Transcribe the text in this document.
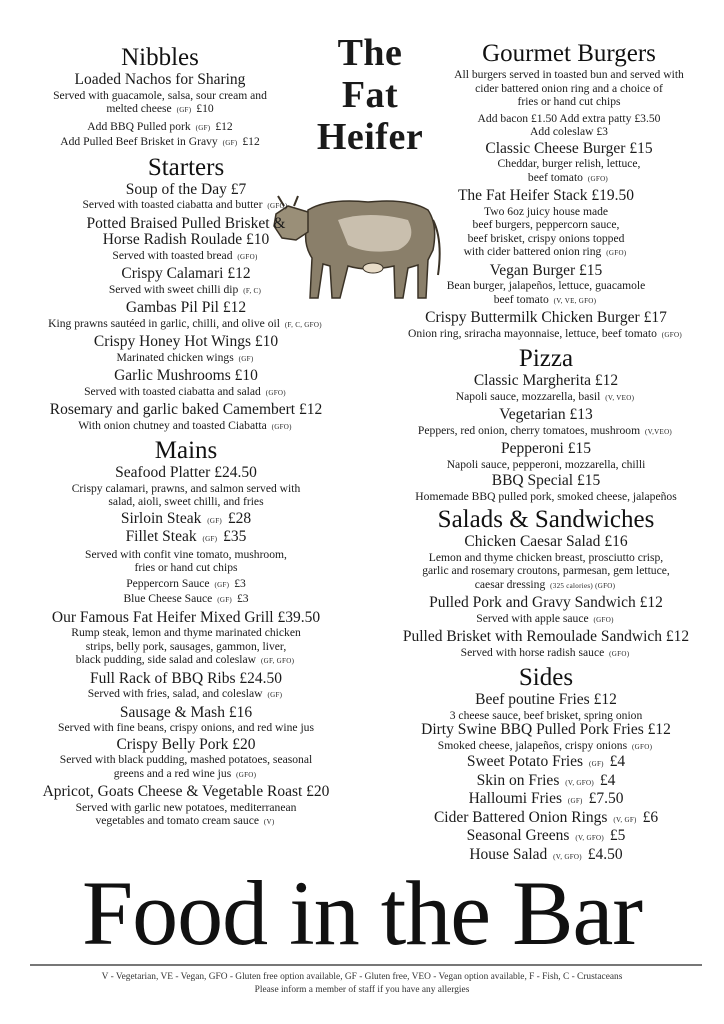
The
Fat
Heifer
Nibbles
Loaded Nachos for Sharing
Served with guacamole, salsa, sour cream and
melted cheese (GF) £10
Add BBQ Pulled pork (GF) £12
Add Pulled Beef Brisket in Gravy (GF) £12
Starters
Soup of the Day £7
Served with toasted ciabatta and butter (GFO)
Potted Braised Pulled Brisket &
Horse Radish Roulade £10
Served with toasted bread (GFO)
Crispy Calamari £12
Served with sweet chilli dip (F, C)
Gambas Pil Pil £12
King prawns sautéed in garlic, chilli, and olive oil (F, C, GFO)
Crispy Honey Hot Wings £10
Marinated chicken wings (GF)
Garlic Mushrooms £10
Served with toasted ciabatta and salad (GFO)
Rosemary and garlic baked Camembert £12
With onion chutney and toasted Ciabatta (GFO)
Mains
Seafood Platter £24.50
Crispy calamari, prawns, and salmon served with
salad, aioli, sweet chilli, and fries
Sirloin Steak (GF) £28
Fillet Steak (GF) £35
Served with confit vine tomato, mushroom,
fries or hand cut chips
Peppercorn Sauce (GF) £3
Blue Cheese Sauce (GF) £3
Our Famous Fat Heifer Mixed Grill £39.50
Rump steak, lemon and thyme marinated chicken
strips, belly pork, sausages, gammon, liver,
black pudding, side salad and coleslaw (GF, GFO)
Full Rack of BBQ Ribs £24.50
Served with fries, salad, and coleslaw (GF)
Sausage & Mash £16
Served with fine beans, crispy onions, and red wine jus
Crispy Belly Pork £20
Served with black pudding, mashed potatoes, seasonal
greens and a red wine jus (GFO)
Apricot, Goats Cheese & Vegetable Roast £20
Served with garlic new potatoes, mediterranean
vegetables and tomato cream sauce (V)
Gourmet Burgers
All burgers served in toasted bun and served with
cider battered onion ring and a choice of
fries or hand cut chips
Add bacon £1.50 Add extra patty £3.50
Add coleslaw £3
Classic Cheese Burger £15
Cheddar, burger relish, lettuce,
beef tomato (GFO)
The Fat Heifer Stack £19.50
Two 6oz juicy house made
beef burgers, peppercorn sauce,
beef brisket, crispy onions topped
with cider battered onion ring (GFO)
Vegan Burger £15
Bean burger, jalapeños, lettuce, guacamole
beef tomato (V, VE, GFO)
Crispy Buttermilk Chicken Burger £17
Onion ring, sriracha mayonnaise, lettuce, beef tomato (GFO)
Pizza
Classic Margherita £12
Napoli sauce, mozzarella, basil (V, VEO)
Vegetarian £13
Peppers, red onion, cherry tomatoes, mushroom (V,VEO)
Pepperoni £15
Napoli sauce, pepperoni, mozzarella, chilli
BBQ Special £15
Homemade BBQ pulled pork, smoked cheese, jalapeños
Salads & Sandwiches
Chicken Caesar Salad £16
Lemon and thyme chicken breast, prosciutto crisp,
garlic and rosemary croutons, parmesan, gem lettuce,
caesar dressing (325 calories) (GFO)
Pulled Pork and Gravy Sandwich £12
Served with apple sauce (GFO)
Pulled Brisket with Remoulade Sandwich £12
Served with horse radish sauce (GFO)
Sides
Beef poutine Fries £12
3 cheese sauce, beef brisket, spring onion
Dirty Swine BBQ Pulled Pork Fries £12
Smoked cheese, jalapeños, crispy onions (GFO)
Sweet Potato Fries (GF) £4
Skin on Fries (V, GFO) £4
Halloumi Fries (GF) £7.50
Cider Battered Onion Rings (V, GF) £6
Seasonal Greens (V, GFO) £5
House Salad (V, GFO) £4.50
Food in the Bar
V - Vegetarian, VE - Vegan, GFO - Gluten free option available, GF - Gluten free, VEO - Vegan option available, F - Fish, C - Crustaceans
Please inform a member of staff if you have any allergies
